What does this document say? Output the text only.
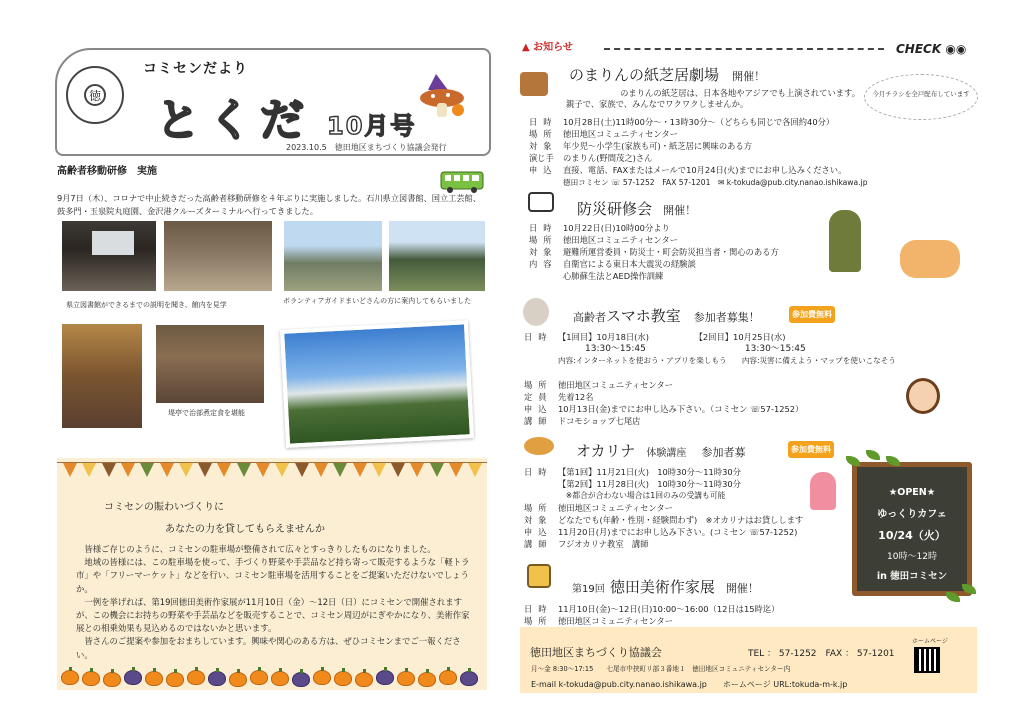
徳
コミセンだより
とくだ 10月号
2023.10.5　徳田地区まちづくり協議会発行
高齢者移動研修　実施
9月7日（木）、コロナで中止続きだった高齢者移動研修を４年ぶりに実施しました。石川県立図書館、国立工芸館、鼓多門・玉泉院丸庭園、金沢港クルーズターミナルへ行ってきました。
県立図書館ができるまでの説明を聞き、館内を見学	ボランティアガイドまいどさんの方に案内してもらいました
堤亭で治部煮定食を堪能
コミセンの賑わいづくりに
あなたの力を貸してもらえませんか

皆様ご存じのように、コミセンの駐車場が整備されて広々とすっきりしたものになりました。

地域の皆様には、この駐車場を使って、手づくり野菜や手芸品など持ち寄って販売するような「軽トラ市」や「フリーマーケット」などを行い、コミセン駐車場を活用することをご提案いただけないでしょうか。

一例を挙げれば、第19回徳田美術作家展が11月10日（金）〜12日（日）にコミセンで開催されますが、この機会にお持ちの野菜や手芸品などを販売することで、コミセン周辺がにぎやかになり、美術作家展との相乗効果も見込めるのではないかと思います。

皆さんのご提案や参加をおまちしています。興味や関心のある方は、ぜひコミセンまでご一報ください。

▲ お知らせ	CHECK ◉◉
今月チラシを全戸配布しています
のまりんの紙芝居劇場 開催！
のまりんの紙芝居は、日本各地やアジアでも上演されています。
親子で、家族で、みんなでワクワクしませんか。
日時 10月28日(土)11時00分〜・13時30分〜（どちらも同じで各回約40分）
場所 徳田地区コミュニティセンター
対象 年少児〜小学生(家族も可)・紙芝居に興味のある方
演じ手 のまりん(野間茂之)さん
申込 直接、電話、FAXまたはメールで10月24日(火)までにお申し込みください。
徳田コミセン ☏ 57-1252　FAX 57-1201　✉ k-tokuda@pub.city.nanao.ishikawa.jp
防災研修会 開催！
日時 10月22日(日)10時00分より
場所 徳田地区コミュニティセンター
対象 避難所運営委員・防災士・町会防災担当者・関心のある方
内容 自衛官による東日本大震災の経験談
心肺蘇生法とAED操作訓練
高齢者スマホ教室 参加者募集！	参加費無料
日時 【1回目】10月18日(水)　　　　　　【2回目】10月25日(水)
　　　13:30〜15:45　　　　　　　　　　　13:30〜15:45
内容:インターネットを使おう・アプリを楽しもう　　内容:災害に備えよう・マップを使いこなそう
場所 徳田地区コミュニティセンター
定員 先着12名
申込 10月13日(金)までにお申し込み下さい。（コミセン ☏57-1252）
講師 ドコモショップ七尾店
オカリナ 体験講座 参加者募	参加費無料
日時 【第1回】11月21日(火)　10時30分〜11時30分
【第2回】11月28日(火)　10時30分〜11時30分
　※都合が合わない場合は1回のみの受講も可能
場所 徳田地区コミュニティセンター
対象 どなたでも(年齢・性別・経験問わず)　※オカリナはお貸しします
申込 11月20日(月)までにお申し込み下さい。(コミセン ☏57-1252)
講師 フジオカリナ教室　講師
★OPEN★
ゆっくりカフェ
10/24（火）
10時〜12時
in 徳田コミセン
第19回 徳田美術作家展 開催！
日時 11月10日(金)〜12日(日)10:00〜16:00（12日は15時迄）
場所 徳田地区コミュニティセンター
徳田地区まちづくり協議会	TEL ： 57-1252　FAX ： 57-1201
月〜金 8:30〜17:15　　七尾市中挟町リ部３番地１　徳田地区コミュニティセンター内
E-mail k-tokuda@pub.city.nanao.ishikawa.jp　　ホームページ URL:tokuda-m-k.jp
ホームページ
